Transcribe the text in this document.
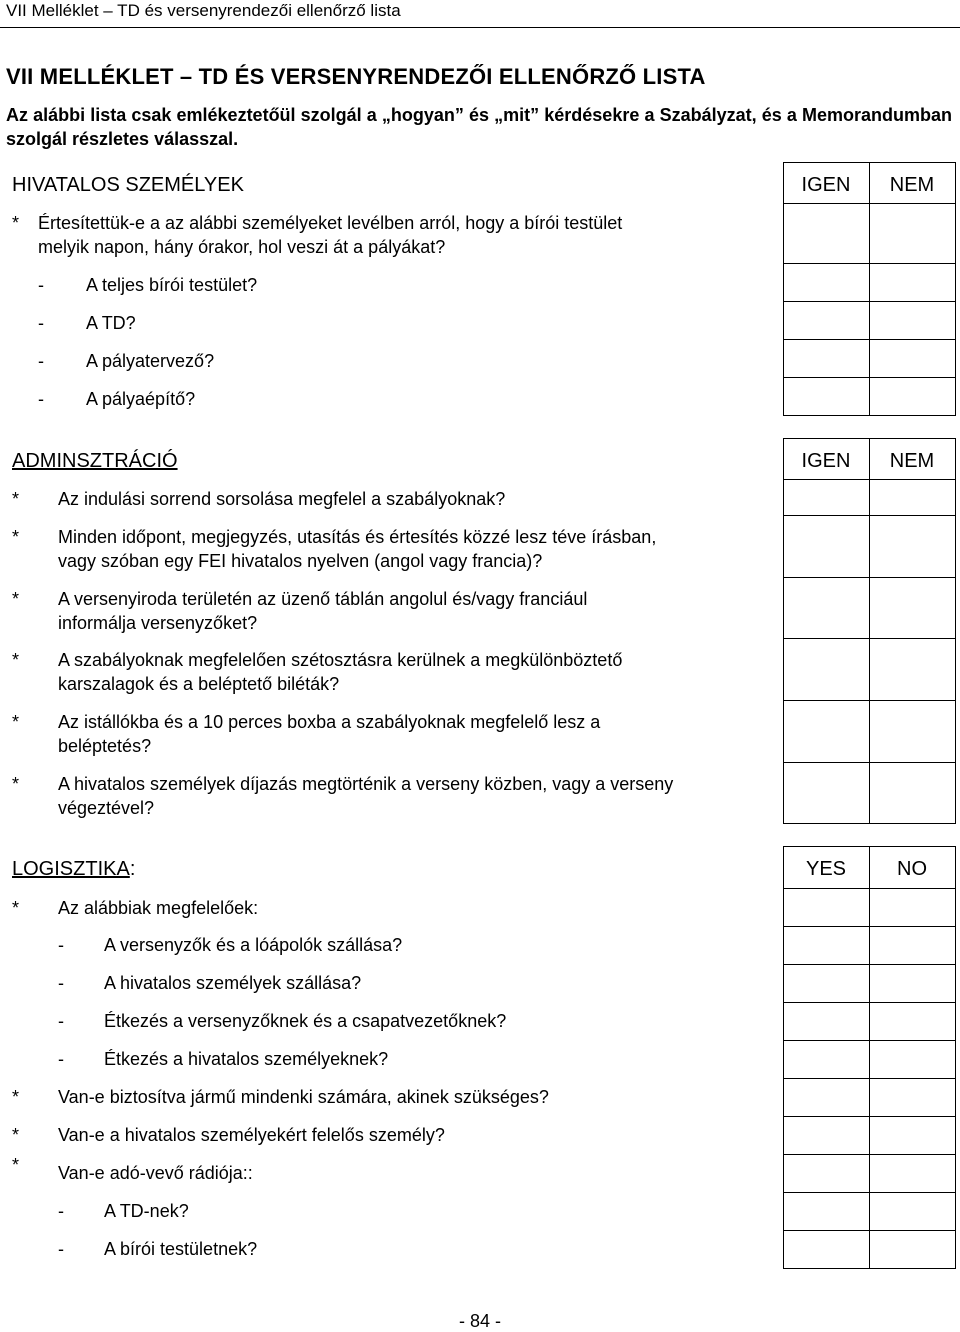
VII Melléklet – TD és versenyrendezői ellenőrző lista
VII MELLÉKLET – TD ÉS VERSENYRENDEZŐI ELLENŐRZŐ LISTA
Az alábbi lista csak emlékeztetőül szolgál a „hogyan” és „mit” kérdésekre a Szabályzat, és a Memorandumban szolgál részletes válasszal.
HIVATALOS SZEMÉLYEK	IGEN	NEM
* Értesítettük-e a az alábbi személyeket levélben arról, hogy a bírói testület melyik napon, hány órakor, hol veszi át a pályákat?
- A teljes bírói testület?
- A TD?
- A pályatervező?
- A pályaépítő?
ADMINSZTRÁCIÓ	IGEN	NEM
* Az indulási sorrend sorsolása megfelel a szabályoknak?
* Minden időpont, megjegyzés, utasítás és értesítés közzé lesz téve írásban, vagy szóban egy FEI hivatalos nyelven (angol vagy francia)?
* A versenyiroda területén az üzenő táblán angolul és/vagy franciául informálja versenyzőket?
* A szabályoknak megfelelően szétosztásra kerülnek a megkülönböztető karszalagok és a beléptető biléták?
* Az istállókba és a 10 perces boxba a szabályoknak megfelelő lesz a beléptetés?
* A hivatalos személyek díjazás megtörténik a verseny közben, vagy a verseny végeztével?
LOGISZTIKA:	YES	NO
* Az alábbiak megfelelőek:
- A versenyzők és a lóápolók szállása?
- A hivatalos személyek szállása?
- Étkezés a versenyzőknek és a csapatvezetőknek?
- Étkezés a hivatalos személyeknek?
* Van-e biztosítva jármű mindenki számára, akinek szükséges?
* Van-e a hivatalos személyekért felelős személy?
* Van-e adó-vevő rádiója::
- A TD-nek?
- A bírói testületnek?
- 84 -
